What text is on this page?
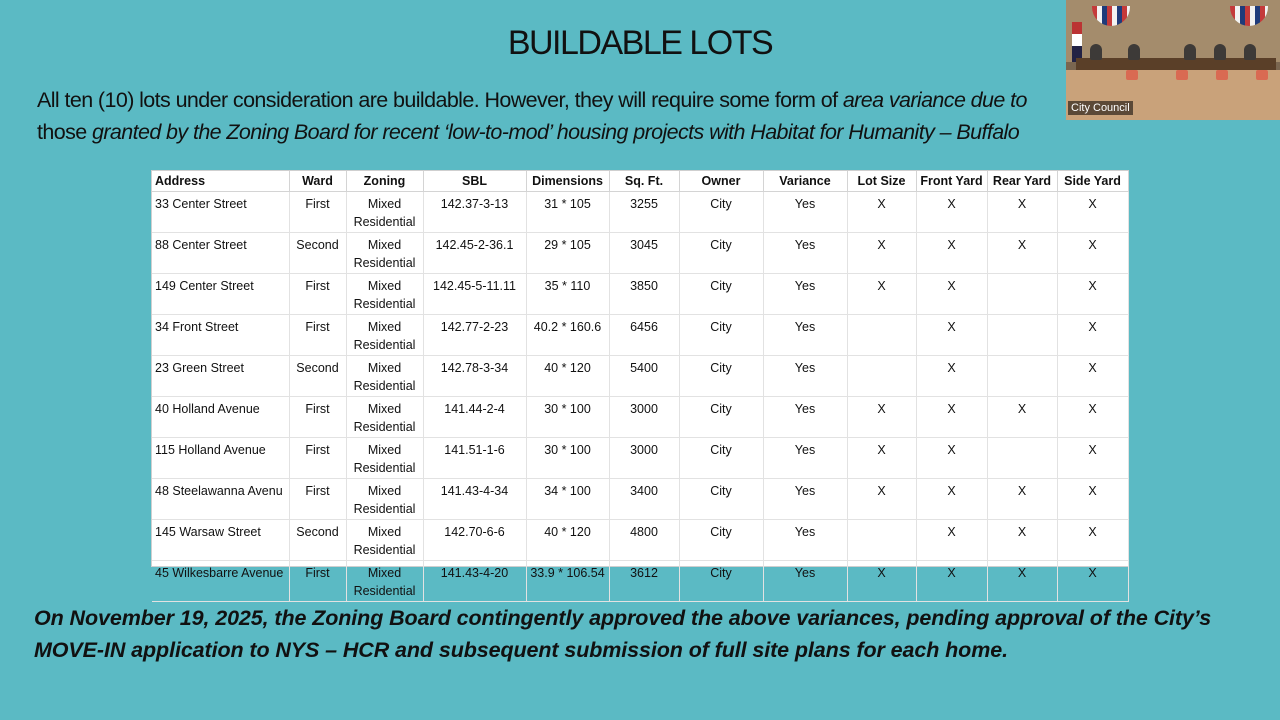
BUILDABLE LOTS
All ten (10) lots under consideration are buildable. However, they will require some form of area variance due to
those granted by the Zoning Board for recent ‘low-to-mod’ housing projects with Habitat for Humanity – Buffalo
City Council
Address	Ward	Zoning	SBL	Dimensions	Sq. Ft.	Owner	Variance	Lot Size	Front Yard	Rear Yard	Side Yard
33 Center Street	First	Mixed
Residential	142.37-3-13	31 * 105	3255	City	Yes	X	X	X	X
88 Center Street	Second	Mixed
Residential	142.45-2-36.1	29 * 105	3045	City	Yes	X	X	X	X
149 Center Street	First	Mixed
Residential	142.45-5-11.11	35 * 110	3850	City	Yes	X	X		X
34 Front Street	First	Mixed
Residential	142.77-2-23	40.2 * 160.6	6456	City	Yes		X		X
23 Green Street	Second	Mixed
Residential	142.78-3-34	40 * 120	5400	City	Yes		X		X
40 Holland Avenue	First	Mixed
Residential	141.44-2-4	30 * 100	3000	City	Yes	X	X	X	X
115 Holland Avenue	First	Mixed
Residential	141.51-1-6	30 * 100	3000	City	Yes	X	X		X
48 Steelawanna Avenu	First	Mixed
Residential	141.43-4-34	34 * 100	3400	City	Yes	X	X	X	X
145 Warsaw Street	Second	Mixed
Residential	142.70-6-6	40 * 120	4800	City	Yes		X	X	X
45 Wilkesbarre Avenue	First	Mixed
Residential	141.43-4-20	33.9 * 106.54	3612	City	Yes	X	X	X	X
On November 19, 2025, the Zoning Board contingently approved the above variances, pending approval of the City’s MOVE-IN application to NYS – HCR and subsequent submission of full site plans for each home.
